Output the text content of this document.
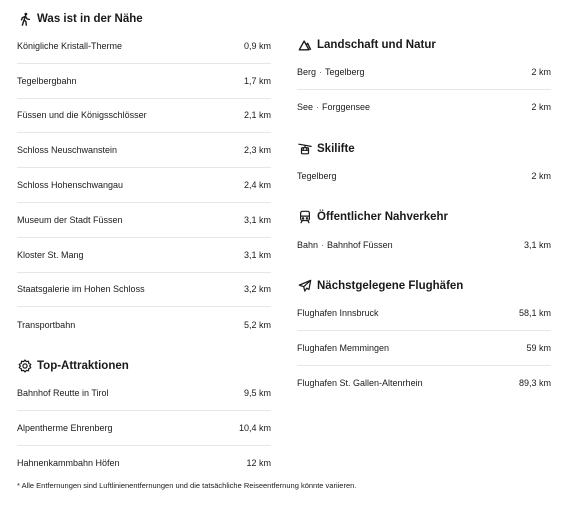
Was ist in der Nähe
Königliche Kristall-Therme	0,9 km
Tegelbergbahn	1,7 km
Füssen und die Königsschlösser	2,1 km
Schloss Neuschwanstein	2,3 km
Schloss Hohenschwangau	2,4 km
Museum der Stadt Füssen	3,1 km
Kloster St. Mang	3,1 km
Staatsgalerie im Hohen Schloss	3,2 km
Transportbahn	5,2 km
Top-Attraktionen
Bahnhof Reutte in Tirol	9,5 km
Alpentherme Ehrenberg	10,4 km
Hahnenkammbahn Höfen	12 km
Landschaft und Natur
Berg · Tegelberg	2 km
See · Forggensee	2 km
Skilifte
Tegelberg	2 km
Öffentlicher Nahverkehr
Bahn · Bahnhof Füssen	3,1 km
Nächstgelegene Flughäfen
Flughafen Innsbruck	58,1 km
Flughafen Memmingen	59 km
Flughafen St. Gallen-Altenrhein	89,3 km
* Alle Entfernungen sind Luftlinienentfernungen und die tatsächliche Reiseentfernung könnte variieren.
